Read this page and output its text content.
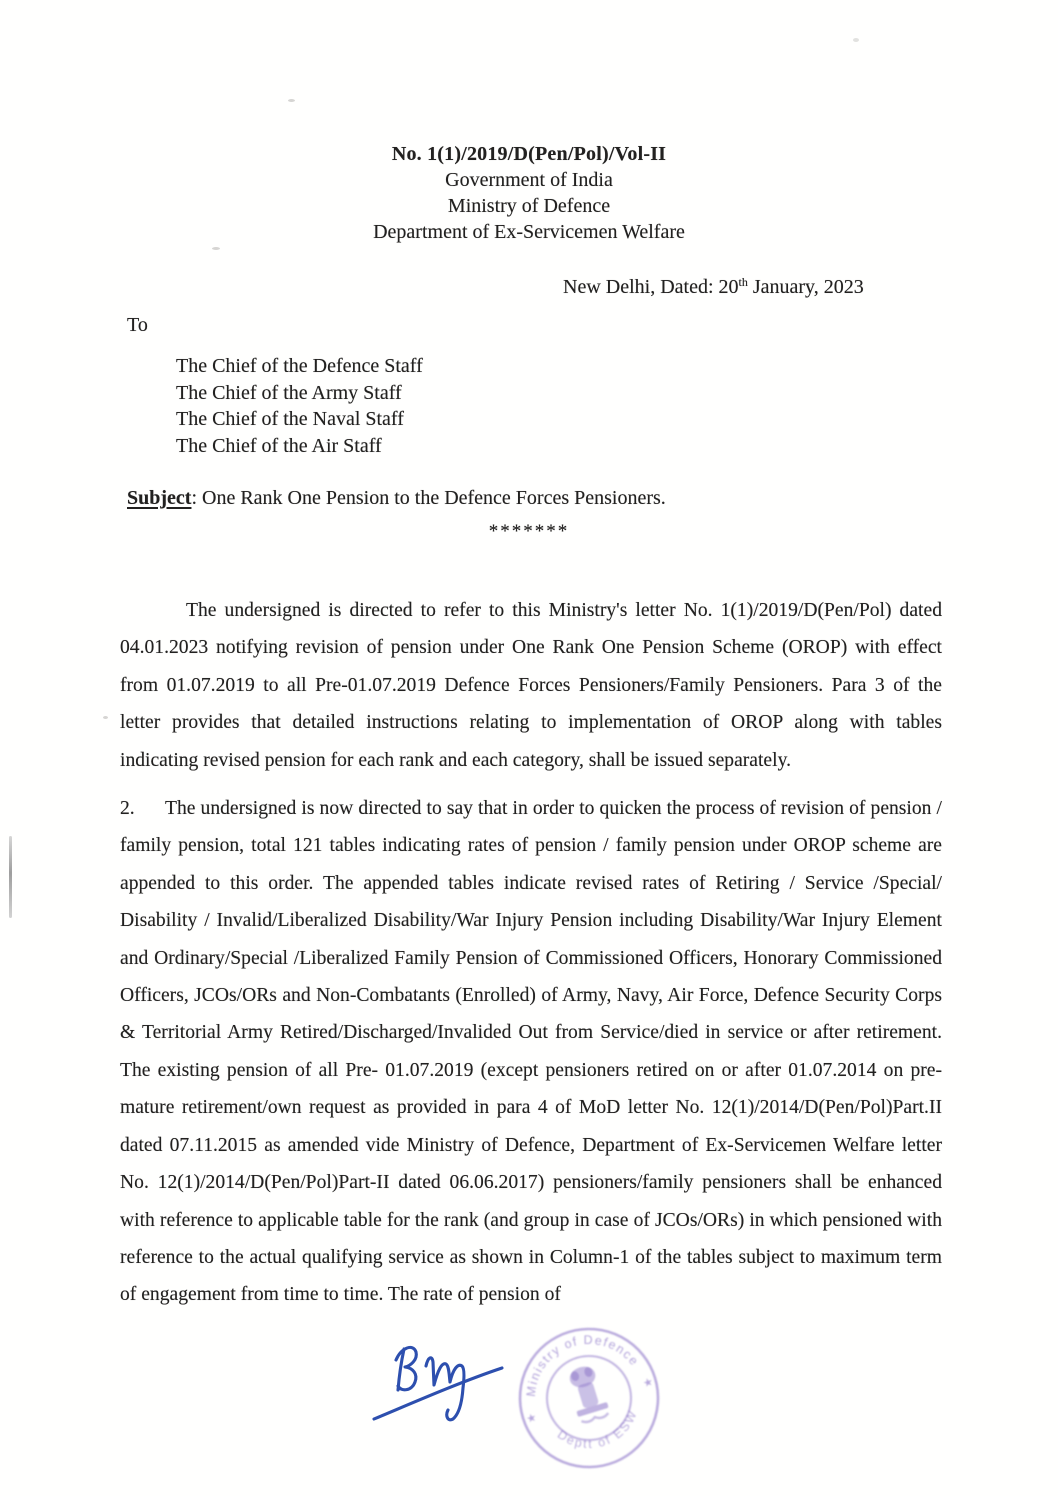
No. 1(1)/2019/D(Pen/Pol)/Vol-II
Government of India
Ministry of Defence
Department of Ex-Servicemen Welfare
New Delhi, Dated: 20th January, 2023
To
The Chief of the Defence Staff
The Chief of the Army Staff
The Chief of the Naval Staff
The Chief of the Air Staff
Subject: One Rank One Pension to the Defence Forces Pensioners.
*******

The undersigned is directed to refer to this Ministry's letter No. 1(1)/2019/D(Pen/Pol) dated 04.01.2023 notifying revision of pension under One Rank One Pension Scheme (OROP) with effect from 01.07.2019 to all Pre-01.07.2019 Defence Forces Pensioners/Family Pensioners. Para 3 of the letter provides that detailed instructions relating to implementation of OROP along with tables indicating revised pension for each rank and each category, shall be issued separately.

2. The undersigned is now directed to say that in order to quicken the process of revision of pension / family pension, total 121 tables indicating rates of pension / family pension under OROP scheme are appended to this order. The appended tables indicate revised rates of Retiring / Service /Special/ Disability / Invalid/Liberalized Disability/War Injury Pension including Disability/War Injury Element and Ordinary/Special /Liberalized Family Pension of Commissioned Officers, Honorary Commissioned Officers, JCOs/ORs and Non-Combatants (Enrolled) of Army, Navy, Air Force, Defence Security Corps & Territorial Army Retired/Discharged/Invalided Out from Service/died in service or after retirement. The existing pension of all Pre- 01.07.2019 (except pensioners retired on or after 01.07.2014 on pre-mature retirement/own request as provided in para 4 of MoD letter No. 12(1)/2014/D(Pen/Pol)Part.II dated 07.11.2015 as amended vide Ministry of Defence, Department of Ex-Servicemen Welfare letter No. 12(1)/2014/D(Pen/Pol)Part-II dated 06.06.2017) pensioners/family pensioners shall be enhanced with reference to applicable table for the rank (and group in case of JCOs/ORs) in which pensioned with reference to the actual qualifying service as shown in Column-1 of the tables subject to maximum term of engagement from time to time. The rate of pension of

Ministry of Defence
Deptt of ESW
★
★
